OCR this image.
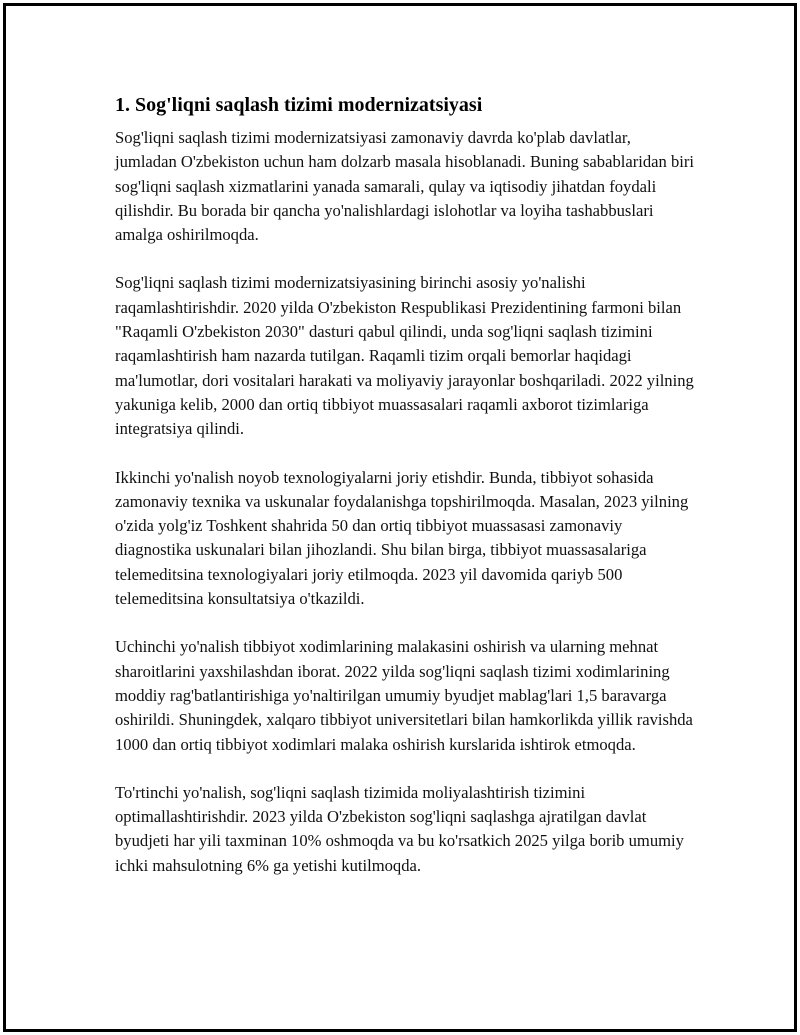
1. Sog'liqni saqlash tizimi modernizatsiyasi

Sog'liqni saqlash tizimi modernizatsiyasi zamonaviy davrda ko'plab davlatlar, jumladan O'zbekiston uchun ham dolzarb masala hisoblanadi. Buning sabablaridan biri sog'liqni saqlash xizmatlarini yanada samarali, qulay va iqtisodiy jihatdan foydali qilishdir. Bu borada bir qancha yo'nalishlardagi islohotlar va loyiha tashabbuslari amalga oshirilmoqda.

Sog'liqni saqlash tizimi modernizatsiyasining birinchi asosiy yo'nalishi raqamlashtirishdir. 2020 yilda O'zbekiston Respublikasi Prezidentining farmoni bilan "Raqamli O'zbekiston 2030" dasturi qabul qilindi, unda sog'liqni saqlash tizimini raqamlashtirish ham nazarda tutilgan. Raqamli tizim orqali bemorlar haqidagi ma'lumotlar, dori vositalari harakati va moliyaviy jarayonlar boshqariladi. 2022 yilning yakuniga kelib, 2000 dan ortiq tibbiyot muassasalari raqamli axborot tizimlariga integratsiya qilindi.

Ikkinchi yo'nalish noyob texnologiyalarni joriy etishdir. Bunda, tibbiyot sohasida zamonaviy texnika va uskunalar foydalanishga topshirilmoqda. Masalan, 2023 yilning o'zida yolg'iz Toshkent shahrida 50 dan ortiq tibbiyot muassasasi zamonaviy diagnostika uskunalari bilan jihozlandi. Shu bilan birga, tibbiyot muassasalariga telemeditsina texnologiyalari joriy etilmoqda. 2023 yil davomida qariyb 500 telemeditsina konsultatsiya o'tkazildi.

Uchinchi yo'nalish tibbiyot xodimlarining malakasini oshirish va ularning mehnat sharoitlarini yaxshilashdan iborat. 2022 yilda sog'liqni saqlash tizimi xodimlarining moddiy rag'batlantirishiga yo'naltirilgan umumiy byudjet mablag'lari 1,5 baravarga oshirildi. Shuningdek, xalqaro tibbiyot universitetlari bilan hamkorlikda yillik ravishda 1000 dan ortiq tibbiyot xodimlari malaka oshirish kurslarida ishtirok etmoqda.

To'rtinchi yo'nalish, sog'liqni saqlash tizimida moliyalashtirish tizimini optimallashtirishdir. 2023 yilda O'zbekiston sog'liqni saqlashga ajratilgan davlat byudjeti har yili taxminan 10% oshmoqda va bu ko'rsatkich 2025 yilga borib umumiy ichki mahsulotning 6% ga yetishi kutilmoqda.
